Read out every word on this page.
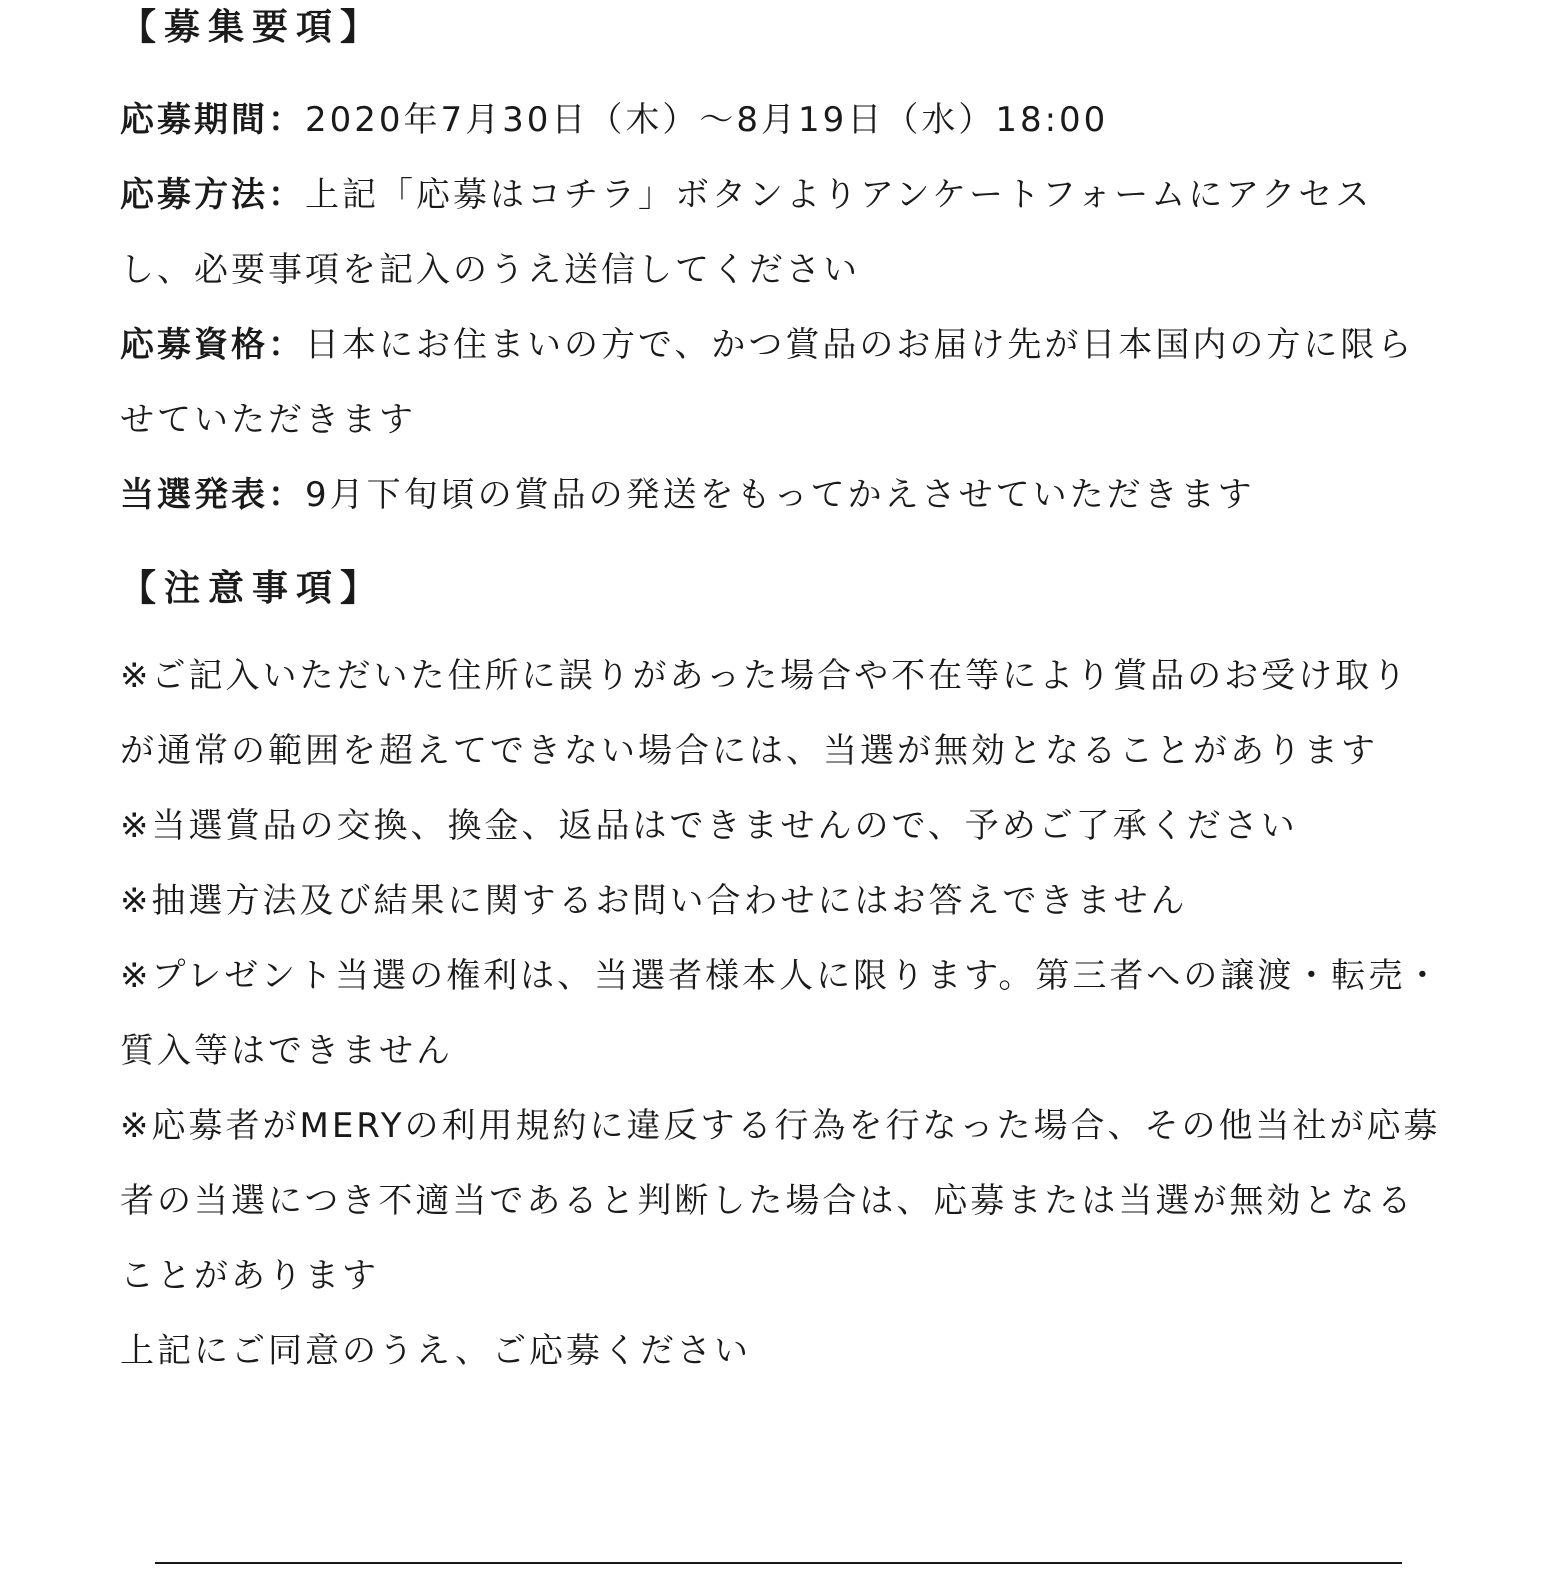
【募集要項】
応募期間：2020年7月30日（木）〜8月19日（水）18:00
応募方法：上記「応募はコチラ」ボタンよりアンケートフォームにアクセスし、必要事項を記入のうえ送信してください
応募資格：日本にお住まいの方で、かつ賞品のお届け先が日本国内の方に限らせていただきます
当選発表：9月下旬頃の賞品の発送をもってかえさせていただきます
【注意事項】
※ご記入いただいた住所に誤りがあった場合や不在等により賞品のお受け取りが通常の範囲を超えてできない場合には、当選が無効となることがあります
※当選賞品の交換、換金、返品はできませんので、予めご了承ください
※抽選方法及び結果に関するお問い合わせにはお答えできません
※プレゼント当選の権利は、当選者様本人に限ります。第三者への譲渡・転売・質入等はできません
※応募者がMERYの利用規約に違反する行為を行なった場合、その他当社が応募者の当選につき不適当であると判断した場合は、応募または当選が無効となることがあります
上記にご同意のうえ、ご応募ください
